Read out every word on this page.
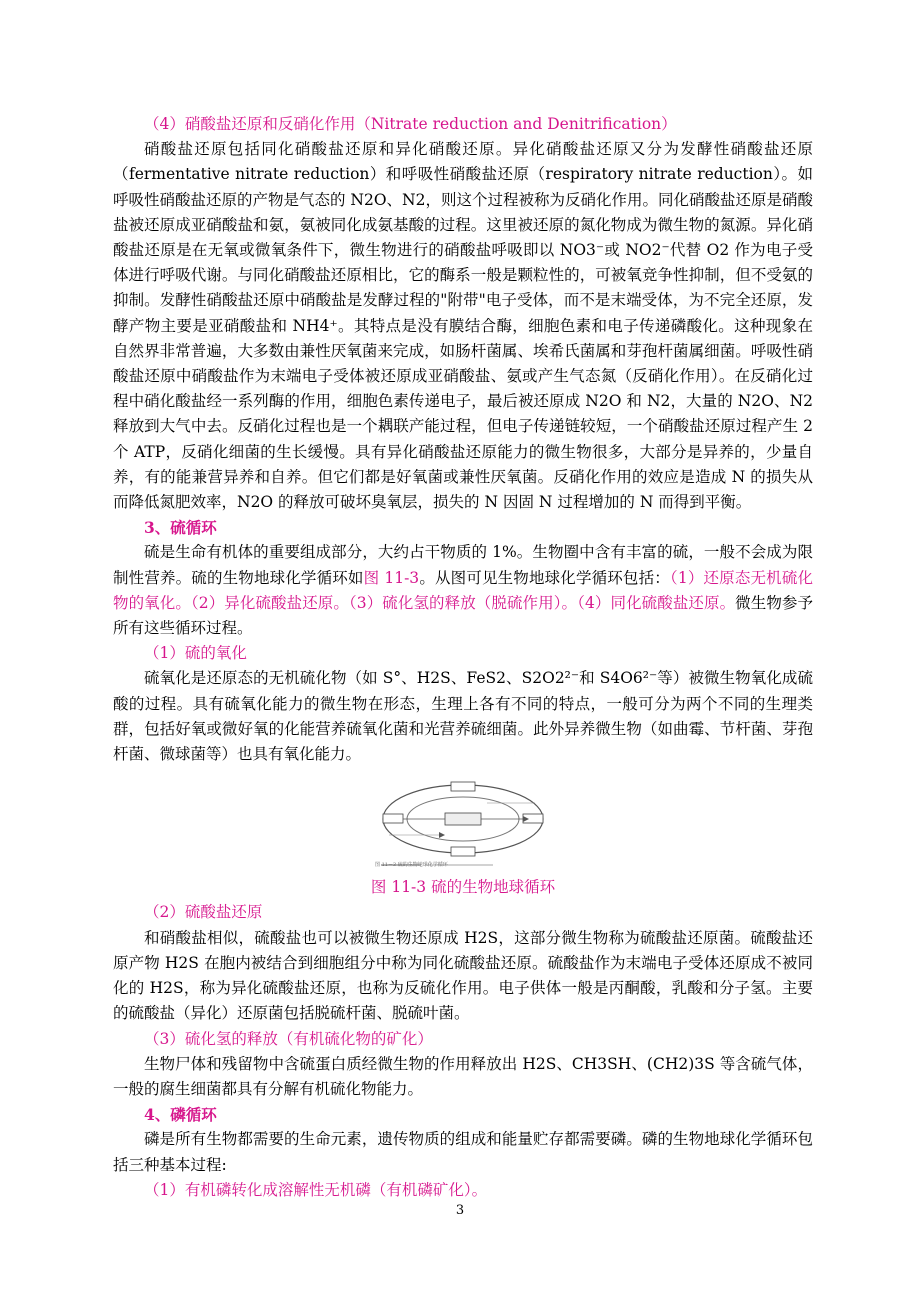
（4）硝酸盐还原和反硝化作用（Nitrate reduction and Denitrification）

硝酸盐还原包括同化硝酸盐还原和异化硝酸还原。异化硝酸盐还原又分为发酵性硝酸盐还原（fermentative nitrate reduction）和呼吸性硝酸盐还原（respiratory nitrate reduction）。如呼吸性硝酸盐还原的产物是气态的 N2O、N2，则这个过程被称为反硝化作用。同化硝酸盐还原是硝酸盐被还原成亚硝酸盐和氨，氨被同化成氨基酸的过程。这里被还原的氮化物成为微生物的氮源。异化硝酸盐还原是在无氧或微氧条件下，微生物进行的硝酸盐呼吸即以 NO3⁻或 NO2⁻代替 O2 作为电子受体进行呼吸代谢。与同化硝酸盐还原相比，它的酶系一般是颗粒性的，可被氧竞争性抑制，但不受氨的抑制。发酵性硝酸盐还原中硝酸盐是发酵过程的"附带"电子受体，而不是末端受体，为不完全还原，发酵产物主要是亚硝酸盐和 NH4⁺。其特点是没有膜结合酶，细胞色素和电子传递磷酸化。这种现象在自然界非常普遍，大多数由兼性厌氧菌来完成，如肠杆菌属、埃希氏菌属和芽孢杆菌属细菌。呼吸性硝酸盐还原中硝酸盐作为末端电子受体被还原成亚硝酸盐、氨或产生气态氮（反硝化作用）。在反硝化过程中硝化酸盐经一系列酶的作用，细胞色素传递电子，最后被还原成 N2O 和 N2，大量的 N2O、N2 释放到大气中去。反硝化过程也是一个耦联产能过程，但电子传递链较短，一个硝酸盐还原过程产生 2 个 ATP，反硝化细菌的生长缓慢。具有异化硝酸盐还原能力的微生物很多，大部分是异养的，少量自养，有的能兼营异养和自养。但它们都是好氧菌或兼性厌氧菌。反硝化作用的效应是造成 N 的损失从而降低氮肥效率，N2O 的释放可破坏臭氧层，损失的 N 因固 N 过程增加的 N 而得到平衡。

3、硫循环

硫是生命有机体的重要组成部分，大约占干物质的 1%。生物圈中含有丰富的硫，一般不会成为限制性营养。硫的生物地球化学循环如图 11-3。从图可见生物地球化学循环包括：（1）还原态无机硫化物的氧化。（2）异化硫酸盐还原。（3）硫化氢的释放（脱硫作用）。（4）同化硫酸盐还原。微生物参予所有这些循环过程。

（1）硫的氧化

硫氧化是还原态的无机硫化物（如 S°、H2S、FeS2、S2O2²⁻和 S4O6²⁻等）被微生物氧化成硫酸的过程。具有硫氧化能力的微生物在形态，生理上各有不同的特点，一般可分为两个不同的生理类群，包括好氧或微好氧的化能营养硫氧化菌和光营养硫细菌。此外异养微生物（如曲霉、节杆菌、芽孢杆菌、微球菌等）也具有氧化能力。

图 11－3 硫的生物地球化学循环

图 11-3 硫的生物地球循环

（2）硫酸盐还原

和硝酸盐相似，硫酸盐也可以被微生物还原成 H2S，这部分微生物称为硫酸盐还原菌。硫酸盐还原产物 H2S 在胞内被结合到细胞组分中称为同化硫酸盐还原。硫酸盐作为末端电子受体还原成不被同化的 H2S，称为异化硫酸盐还原，也称为反硫化作用。电子供体一般是丙酮酸，乳酸和分子氢。主要的硫酸盐（异化）还原菌包括脱硫杆菌、脱硫叶菌。

（3）硫化氢的释放（有机硫化物的矿化）

生物尸体和残留物中含硫蛋白质经微生物的作用释放出 H2S、CH3SH、(CH2)3S 等含硫气体，一般的腐生细菌都具有分解有机硫化物能力。

4、磷循环

磷是所有生物都需要的生命元素，遗传物质的组成和能量贮存都需要磷。磷的生物地球化学循环包括三种基本过程:

（1）有机磷转化成溶解性无机磷（有机磷矿化）。

3
